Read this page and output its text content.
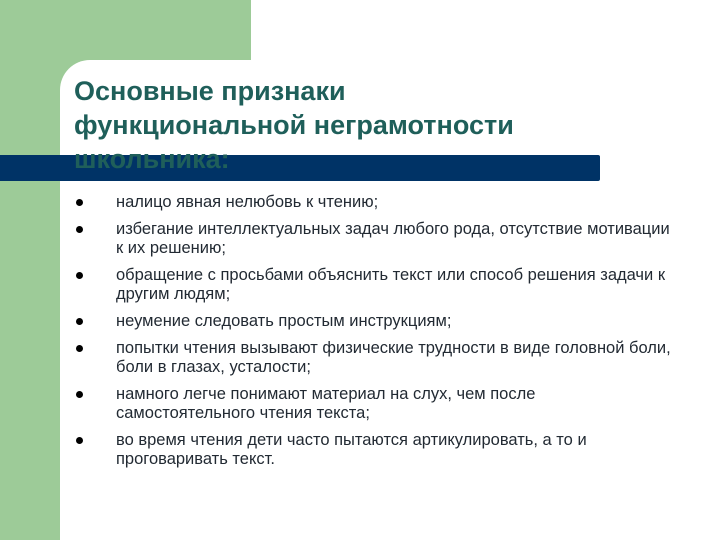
Основные признаки
функциональной неграмотности
школьника:
налицо явная нелюбовь к чтению;
избегание интеллектуальных задач любого рода, отсутствие мотивации к их решению;
обращение с просьбами объяснить текст или способ решения задачи к другим людям;
неумение следовать простым инструкциям;
попытки чтения вызывают физические трудности в виде головной боли, боли в глазах, усталости;
намного легче понимают материал на слух, чем после самостоятельного чтения текста;
во время чтения дети часто пытаются артикулировать, а то и проговаривать текст.
